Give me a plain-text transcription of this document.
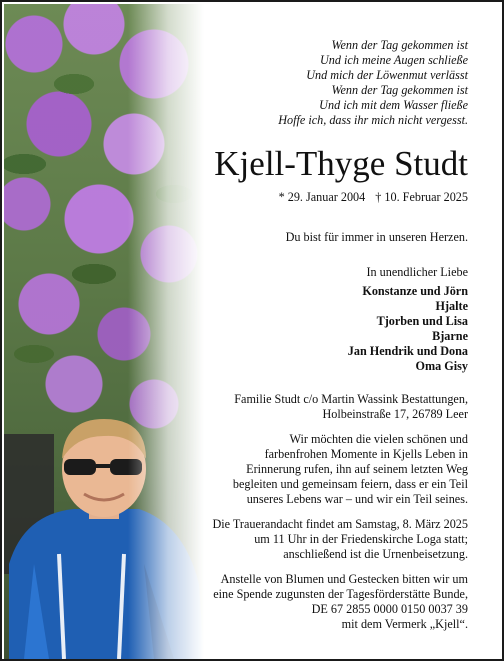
Wenn der Tag gekommen ist
Und ich meine Augen schließe
Und mich der Löwenmut verlässt
Wenn der Tag gekommen ist
Und ich mit dem Wasser fließe
Hoffe ich, dass ihr mich nicht vergesst.
Kjell-Thyge Studt
* 29. Januar 2004 † 10. Februar 2025
Du bist für immer in unseren Herzen.
In unendlicher Liebe
Konstanze und Jörn
Hjalte
Tjorben und Lisa
Bjarne
Jan Hendrik und Dona
Oma Gisy
Familie Studt c/o Martin Wassink Bestattungen,
Holbeinstraße 17, 26789 Leer
Wir möchten die vielen schönen und
farbenfrohen Momente in Kjells Leben in
Erinnerung rufen, ihn auf seinem letzten Weg
begleiten und gemeinsam feiern, dass er ein Teil
unseres Lebens war – und wir ein Teil seines.
Die Trauerandacht findet am Samstag, 8. März 2025
um 11 Uhr in der Friedenskirche Loga statt;
anschließend ist die Urnenbeisetzung.
Anstelle von Blumen und Gestecken bitten wir um
eine Spende zugunsten der Tagesförderstätte Bunde,
DE 67 2855 0000 0150 0037 39
mit dem Vermerk „Kjell“.
